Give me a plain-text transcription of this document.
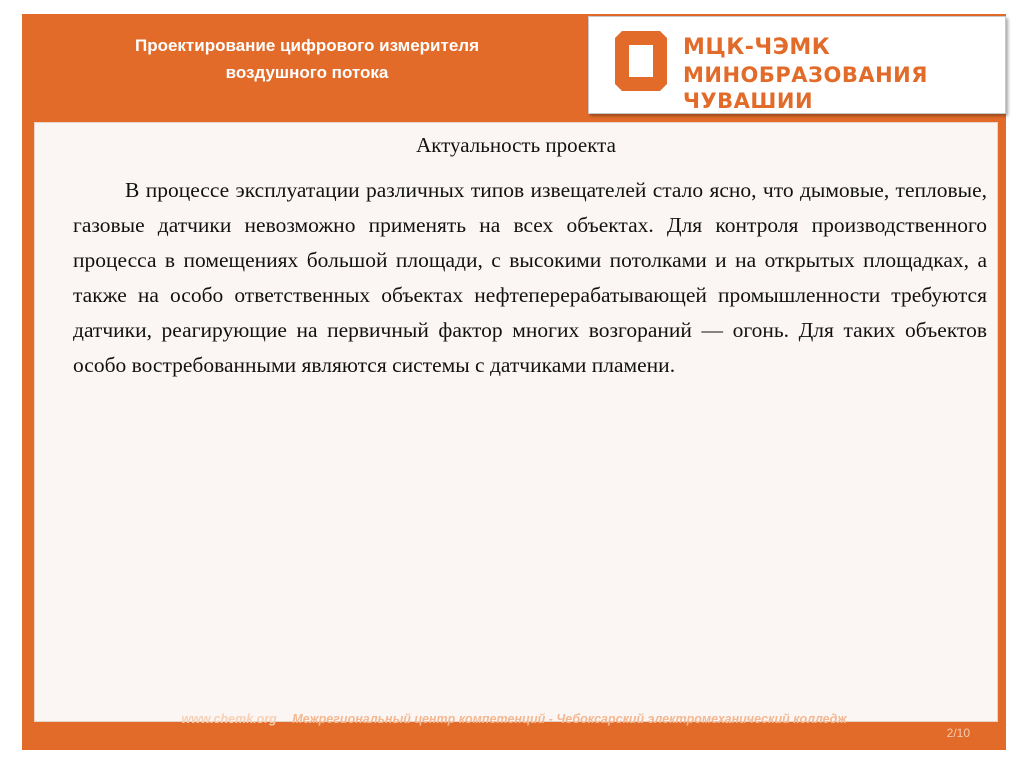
Проектирование цифрового измерителя
воздушного потока
МЦК-ЧЭМК
МИНОБРАЗОВАНИЯ ЧУВАШИИ
Актуальность проекта

В процессе эксплуатации различных типов извещателей стало ясно, что дымовые, тепловые, газовые датчики невозможно применять на всех объектах. Для контроля производственного процесса в помещениях большой площади, с высокими потолками и на открытых площадках, а также на особо ответственных объектах нефтеперерабатывающей промышленности требуются датчики, реагирующие на первичный фактор многих возгораний — огонь. Для таких объектов особо востребованными являются системы с датчиками пламени.

www.chemk.org Межрегиональный центр компетенций - Чебоксарский электромеханический колледж
2/10
